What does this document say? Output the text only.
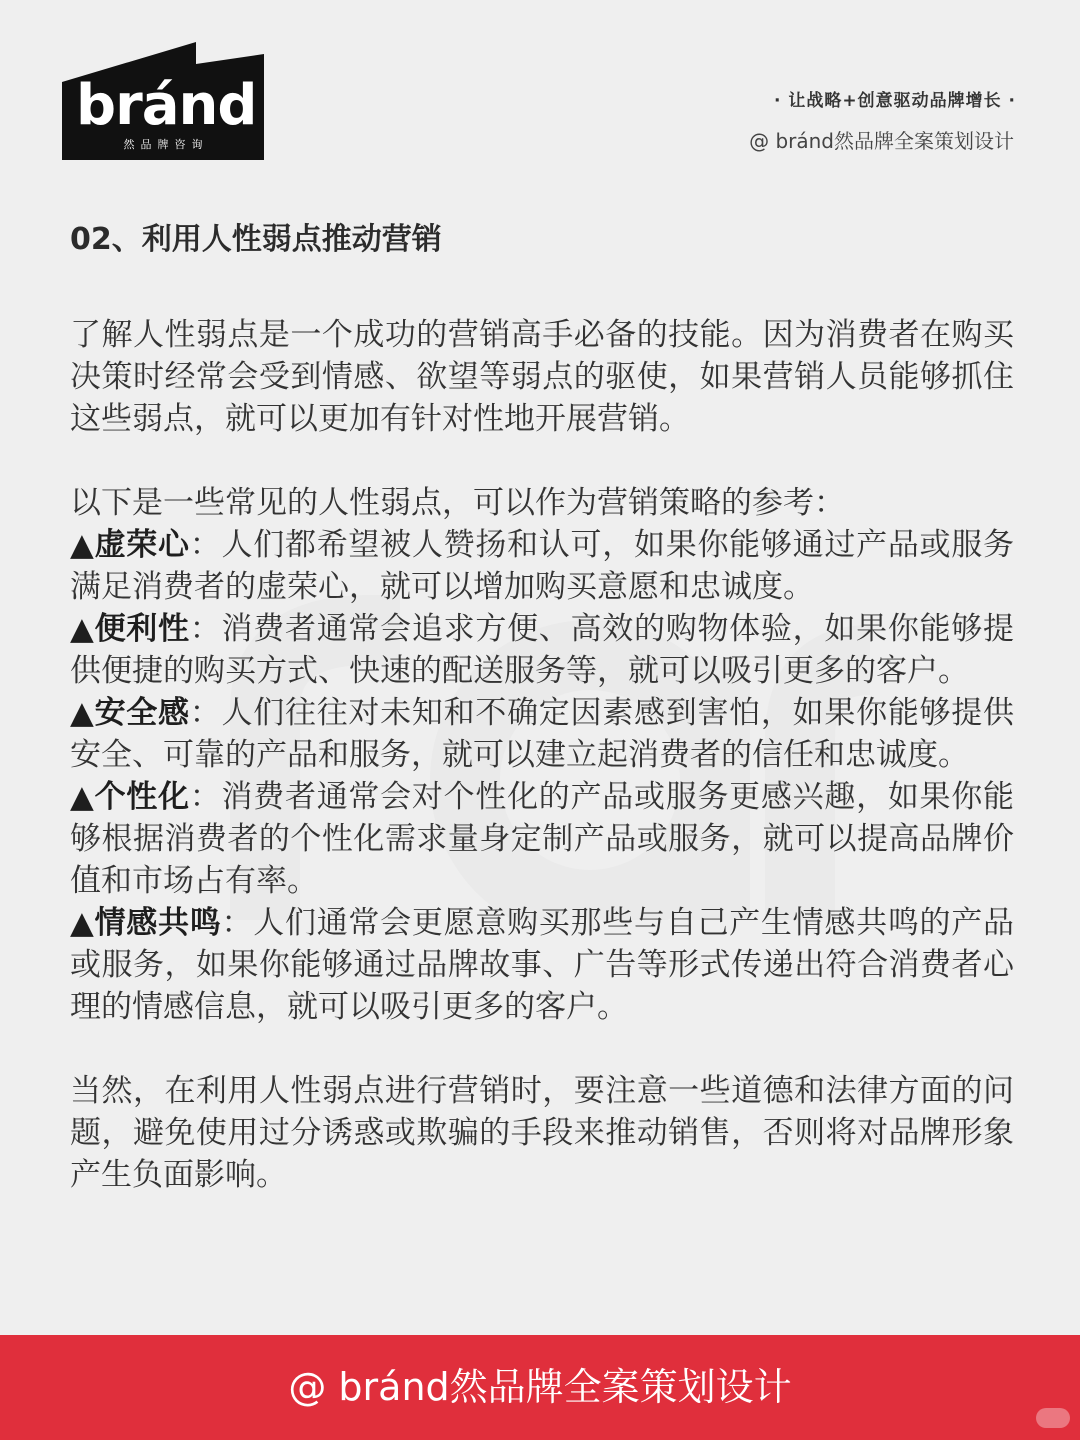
bránd
然品牌咨询
· 让战略+创意驱动品牌增长 ·
@ bránd然品牌全案策划设计
02、利用人性弱点推动营销

了解人性弱点是一个成功的营销高手必备的技能。因为消费者在购买决策时经常会受到情感、欲望等弱点的驱使，如果营销人员能够抓住这些弱点，就可以更加有针对性地开展营销。

以下是一些常见的人性弱点，可以作为营销策略的参考：

▲虚荣心：人们都希望被人赞扬和认可，如果你能够通过产品或服务满足消费者的虚荣心，就可以增加购买意愿和忠诚度。

▲便利性：消费者通常会追求方便、高效的购物体验，如果你能够提供便捷的购买方式、快速的配送服务等，就可以吸引更多的客户。

▲安全感：人们往往对未知和不确定因素感到害怕，如果你能够提供安全、可靠的产品和服务，就可以建立起消费者的信任和忠诚度。

▲个性化：消费者通常会对个性化的产品或服务更感兴趣，如果你能够根据消费者的个性化需求量身定制产品或服务，就可以提高品牌价值和市场占有率。

▲情感共鸣：人们通常会更愿意购买那些与自己产生情感共鸣的产品或服务，如果你能够通过品牌故事、广告等形式传递出符合消费者心理的情感信息，就可以吸引更多的客户。

当然，在利用人性弱点进行营销时，要注意一些道德和法律方面的问题，避免使用过分诱惑或欺骗的手段来推动销售，否则将对品牌形象产生负面影响。

@ bránd然品牌全案策划设计
